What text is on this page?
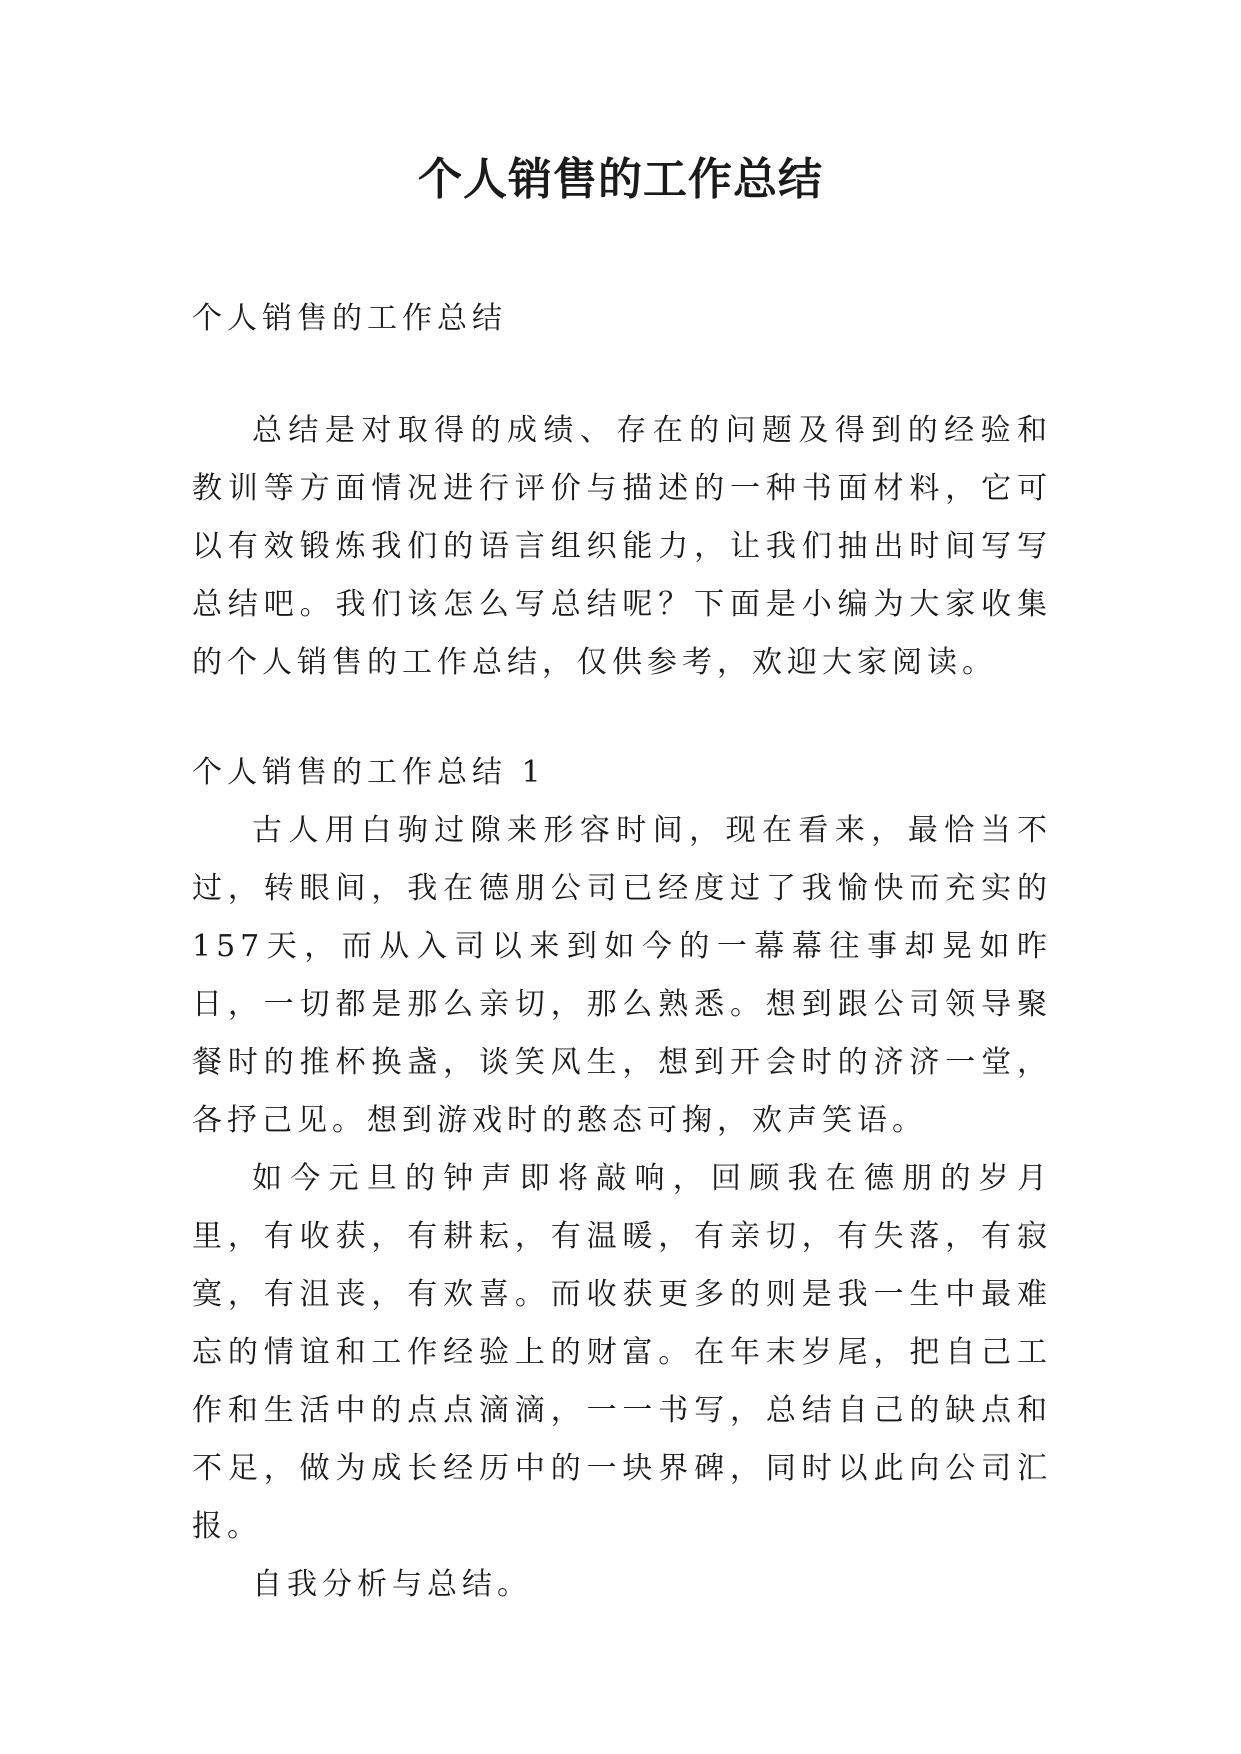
个人销售的工作总结

个人销售的工作总结

总结是对取得的成绩、存在的问题及得到的经验和教训等方面情况进行评价与描述的一种书面材料，它可以有效锻炼我们的语言组织能力，让我们抽出时间写写总结吧。我们该怎么写总结呢？下面是小编为大家收集的个人销售的工作总结，仅供参考，欢迎大家阅读。

个人销售的工作总结 1

古人用白驹过隙来形容时间，现在看来，最恰当不过，转眼间，我在德朋公司已经度过了我愉快而充实的157天，而从入司以来到如今的一幕幕往事却晃如昨日，一切都是那么亲切，那么熟悉。想到跟公司领导聚餐时的推杯换盏，谈笑风生，想到开会时的济济一堂，各抒己见。想到游戏时的憨态可掬，欢声笑语。

如今元旦的钟声即将敲响，回顾我在德朋的岁月里，有收获，有耕耘，有温暖，有亲切，有失落，有寂寞，有沮丧，有欢喜。而收获更多的则是我一生中最难忘的情谊和工作经验上的财富。在年末岁尾，把自己工作和生活中的点点滴滴，一一书写，总结自己的缺点和不足，做为成长经历中的一块界碑，同时以此向公司汇报。

自我分析与总结。
